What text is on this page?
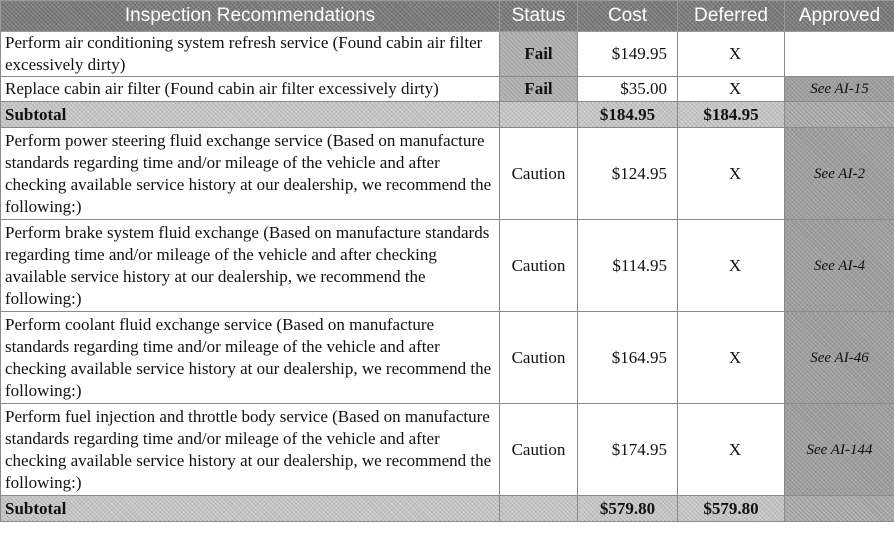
Inspection Recommendations	Status	Cost	Deferred	Approved
Perform air conditioning system refresh service (Found cabin air filter excessively dirty)	Fail	$149.95	X	
Replace cabin air filter (Found cabin air filter excessively dirty)	Fail	$35.00	X	See AI-15
Subtotal		$184.95	$184.95	
Perform power steering fluid exchange service (Based on manufacture standards regarding time and/or mileage of the vehicle and after checking available service history at our dealership, we recommend the following:)	Caution	$124.95	X	See AI-2
Perform brake system fluid exchange (Based on manufacture standards regarding time and/or mileage of the vehicle and after checking available service history at our dealership, we recommend the following:)	Caution	$114.95	X	See AI-4
Perform coolant fluid exchange service (Based on manufacture standards regarding time and/or mileage of the vehicle and after checking available service history at our dealership, we recommend the following:)	Caution	$164.95	X	See AI-46
Perform fuel injection and throttle body service (Based on manufacture standards regarding time and/or mileage of the vehicle and after checking available service history at our dealership, we recommend the following:)	Caution	$174.95	X	See AI-144
Subtotal		$579.80	$579.80	
